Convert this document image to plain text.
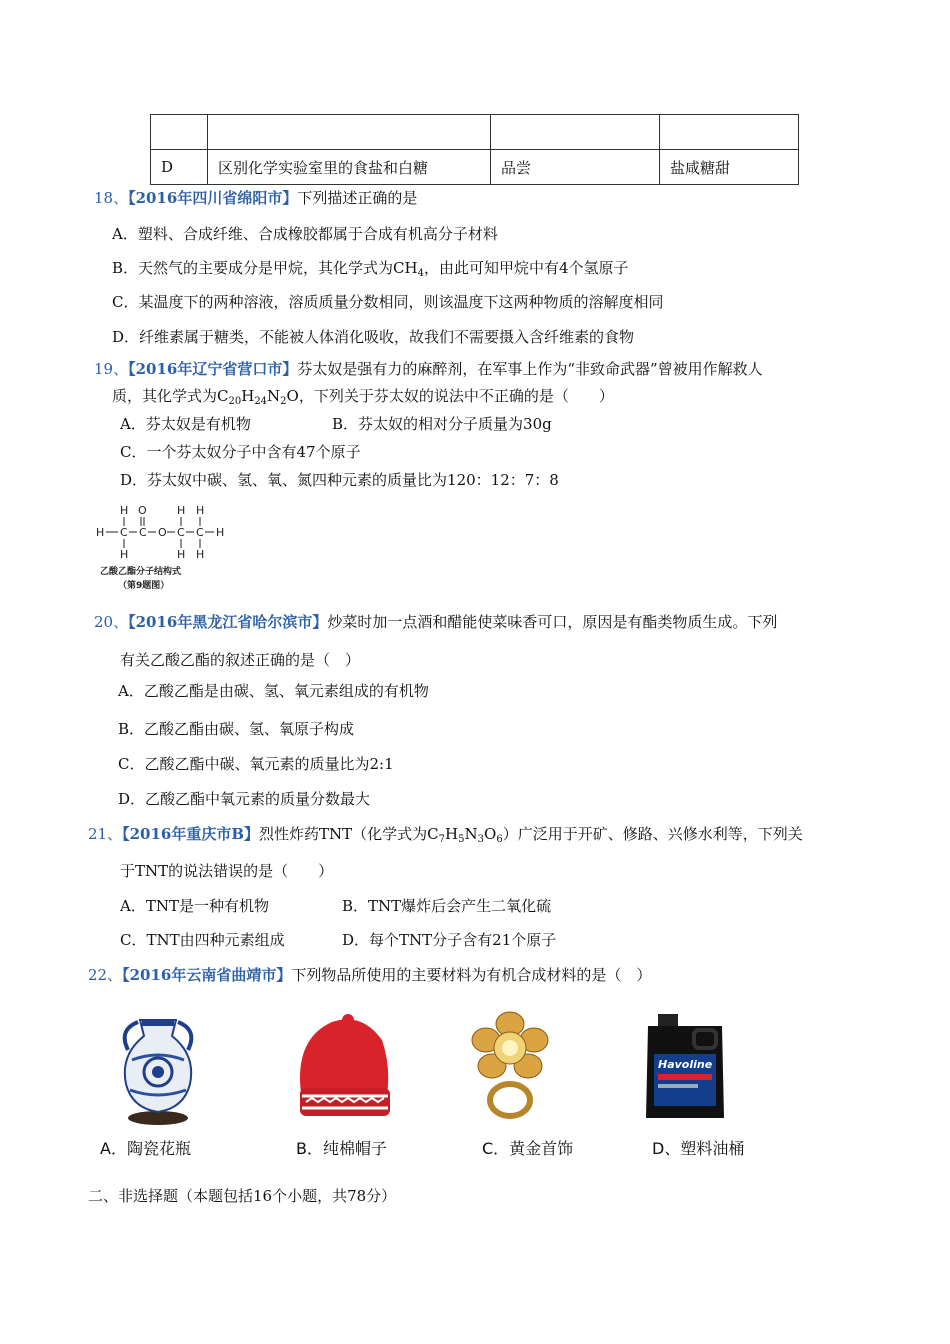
D	区别化学实验室里的食盐和白糖	品尝	盐咸糖甜
18、【2016年四川省绵阳市】下列描述正确的是
A．塑料、合成纤维、合成橡胶都属于合成有机高分子材料
B．天然气的主要成分是甲烷，其化学式为$CH_4$，由此可知甲烷中有4个氢原子
C．某温度下的两种溶液，溶质质量分数相同，则该温度下这两种物质的溶解度相同
D．纤维素属于糖类，不能被人体消化吸收，故我们不需要摄入含纤维素的食物
19、【2016年辽宁省营口市】芬太奴是强有力的麻醉剂，在军事上作为“非致命武器”曾被用作解救人
质，其化学式为$C_{20}H_{24}N_2O$，下列关于芬太奴的说法中不正确的是（　　）
A．芬太奴是有机物	B．芬太奴的相对分子质量为30g
C．一个芬太奴分子中含有47个原子
D．芬太奴中碳、氢、氧、氮四种元素的质量比为120：12：7：8
H O	H H
H C C O C C H
H	H H
乙酸乙酯分子结构式
（第9题图）
20、【2016年黑龙江省哈尔滨市】炒菜时加一点酒和醋能使菜味香可口，原因是有酯类物质生成。下列
有关乙酸乙酯的叙述正确的是（　）
A．乙酸乙酯是由碳、氢、氧元素组成的有机物
B．乙酸乙酯由碳、氢、氧原子构成
C．乙酸乙酯中碳、氧元素的质量比为2:1
D．乙酸乙酯中氧元素的质量分数最大
21、【2016年重庆市B】烈性炸药TNT（化学式为$C_7H_5N_3O_6$）广泛用于开矿、修路、兴修水利等，下列关
于TNT的说法错误的是（　　）
A．TNT是一种有机物	B．TNT爆炸后会产生二氧化硫
C．TNT由四种元素组成	D．每个TNT分子含有21个原子
22、【2016年云南省曲靖市】下列物品所使用的主要材料为有机合成材料的是（　）
Havoline
A．陶瓷花瓶	B．纯棉帽子	C．黄金首饰	D、塑料油桶
二、非选择题（本题包括16个小题，共78分）
